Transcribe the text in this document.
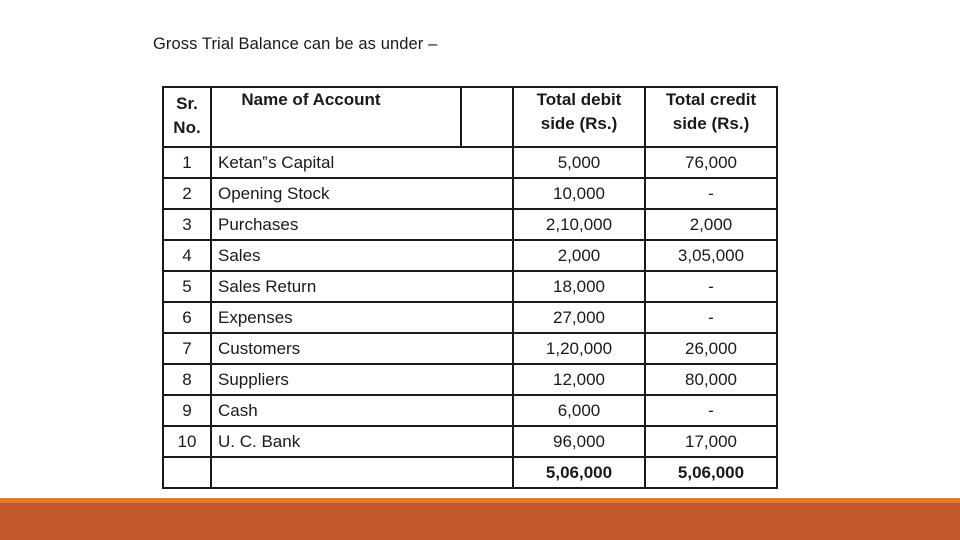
Gross Trial Balance can be as under –
Sr. No.	Name of Account		Total debit side (Rs.)	Total credit side (Rs.)

1	Ketan‟s Capital		5,000	76,000
2	Opening Stock		10,000	-
3	Purchases		2,10,000	2,000
4	Sales		2,000	3,05,000
5	Sales Return		18,000	-
6	Expenses		27,000	-
7	Customers		1,20,000	26,000
8	Suppliers		12,000	80,000
9	Cash		6,000	-
10	U. C. Bank		96,000	17,000
			5,06,000	5,06,000
